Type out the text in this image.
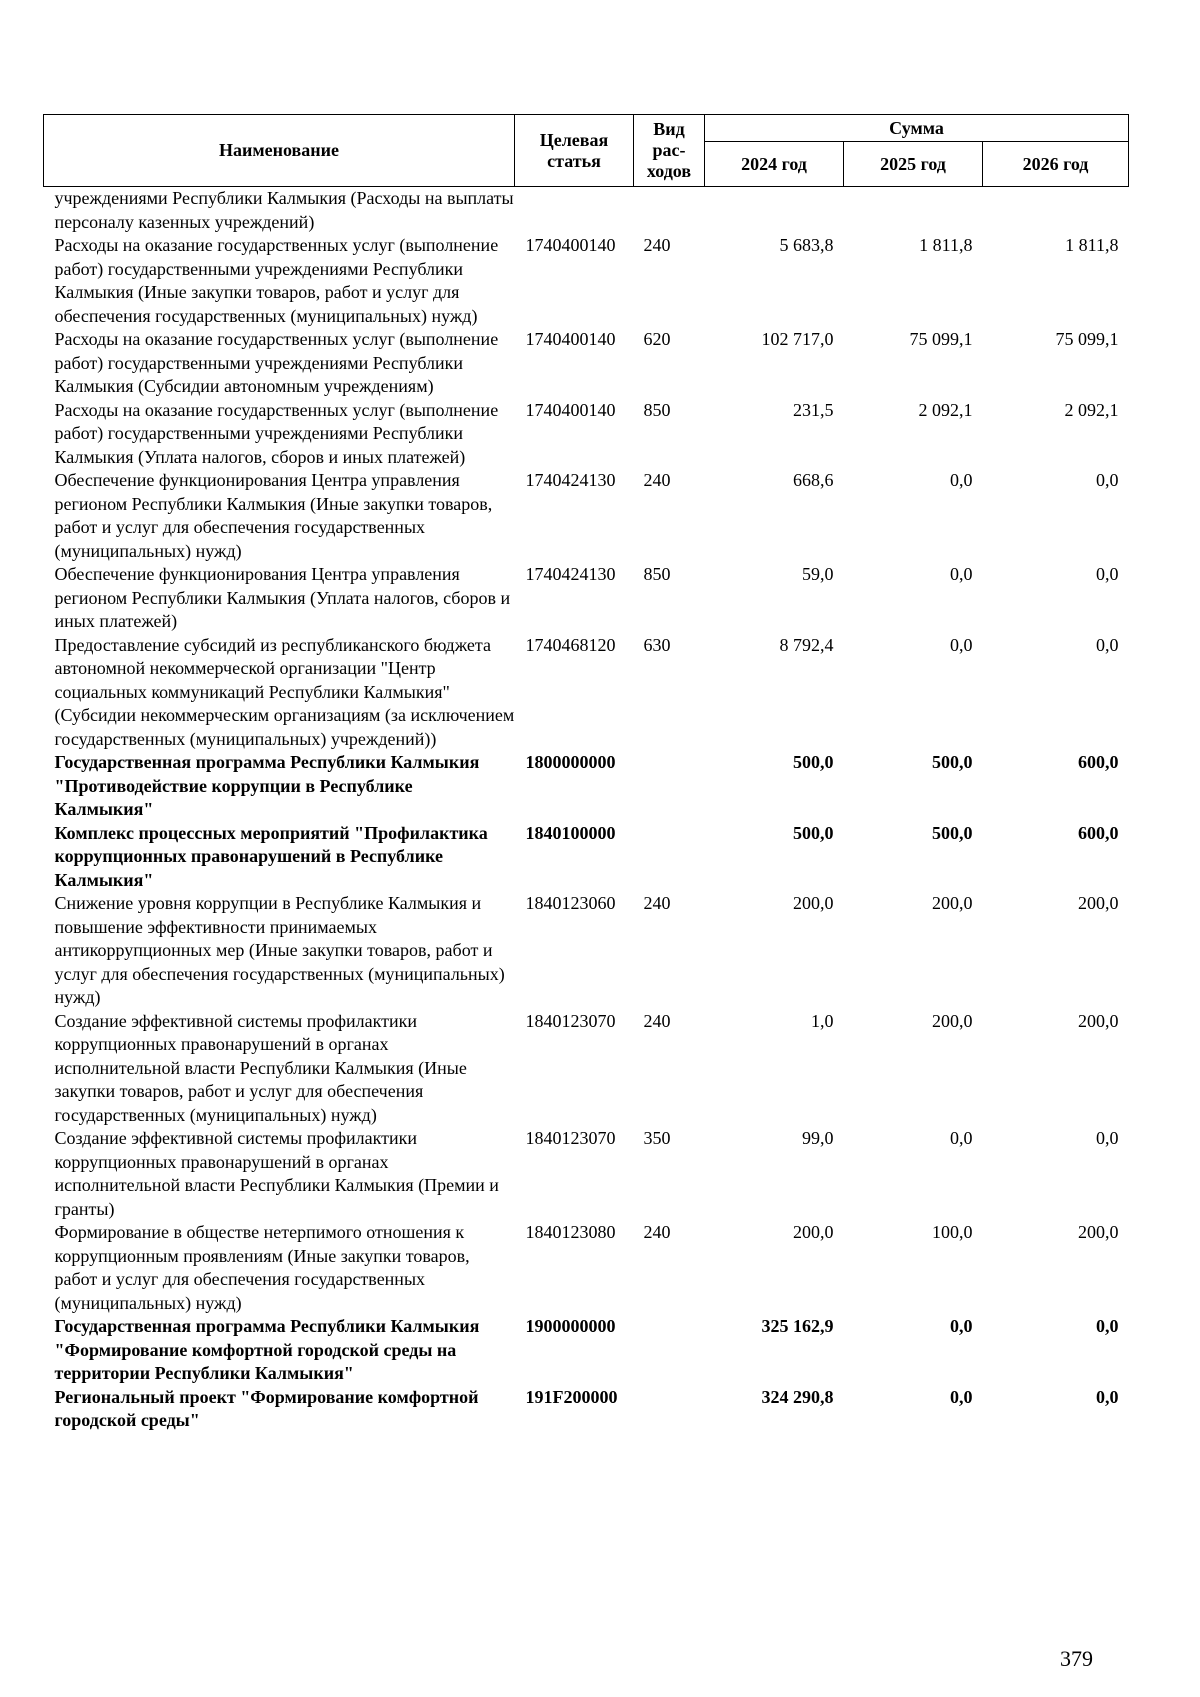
Наименование	Целевая статья	Вид рас-ходов	Сумма		
			2024 год	2025 год	2026 год
учреждениями Республики Калмыкия (Расходы на выплаты персоналу казенных учреждений)					
Расходы на оказание государственных услуг (выполнение работ) государственными учреждениями Республики Калмыкия (Иные закупки товаров, работ и услуг для обеспечения государственных (муниципальных) нужд)	1740400140	240	5 683,8	1 811,8	1 811,8
Расходы на оказание государственных услуг (выполнение работ) государственными учреждениями Республики Калмыкия (Субсидии автономным учреждениям)	1740400140	620	102 717,0	75 099,1	75 099,1
Расходы на оказание государственных услуг (выполнение работ) государственными учреждениями Республики Калмыкия (Уплата налогов, сборов и иных платежей)	1740400140	850	231,5	2 092,1	2 092,1
Обеспечение функционирования Центра управления регионом Республики Калмыкия (Иные закупки товаров, работ и услуг для обеспечения государственных (муниципальных) нужд)	1740424130	240	668,6	0,0	0,0
Обеспечение функционирования Центра управления регионом Республики Калмыкия (Уплата налогов, сборов и иных платежей)	1740424130	850	59,0	0,0	0,0
Предоставление субсидий из республиканского бюджета автономной некоммерческой организации "Центр социальных коммуникаций Республики Калмыкия" (Субсидии некоммерческим организациям (за исключением государственных (муниципальных) учреждений))	1740468120	630	8 792,4	0,0	0,0
Государственная программа Республики Калмыкия "Противодействие коррупции в Республике Калмыкия"	1800000000		500,0	500,0	600,0
Комплекс процессных мероприятий "Профилактика коррупционных правонарушений в Республике Калмыкия"	1840100000		500,0	500,0	600,0
Снижение уровня коррупции в Республике Калмыкия и повышение эффективности принимаемых антикоррупционных мер (Иные закупки товаров, работ и услуг для обеспечения государственных (муниципальных) нужд)	1840123060	240	200,0	200,0	200,0
Создание эффективной системы профилактики коррупционных правонарушений в органах исполнительной власти Республики Калмыкия (Иные закупки товаров, работ и услуг для обеспечения государственных (муниципальных) нужд)	1840123070	240	1,0	200,0	200,0
Создание эффективной системы профилактики коррупционных правонарушений в органах исполнительной власти Республики Калмыкия (Премии и гранты)	1840123070	350	99,0	0,0	0,0
Формирование в обществе нетерпимого отношения к коррупционным проявлениям (Иные закупки товаров, работ и услуг для обеспечения государственных (муниципальных) нужд)	1840123080	240	200,0	100,0	200,0
Государственная программа Республики Калмыкия "Формирование комфортной городской среды на территории Республики Калмыкия"	1900000000		325 162,9	0,0	0,0
Региональный проект "Формирование комфортной городской среды"	191F200000		324 290,8	0,0	0,0
379
